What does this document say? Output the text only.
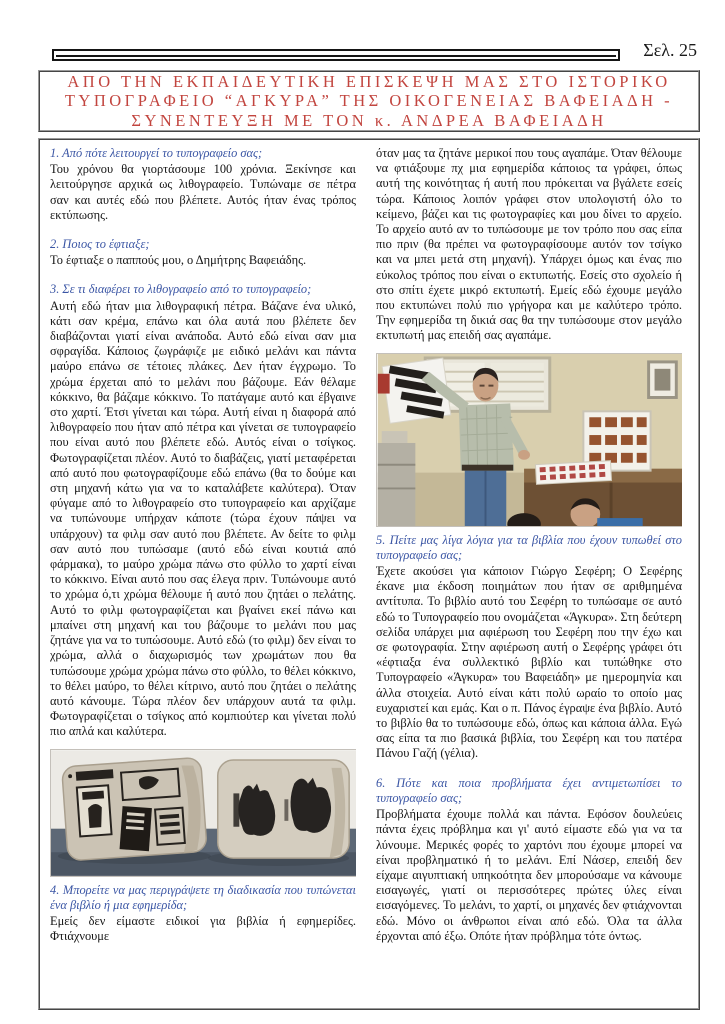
Σελ. 25
ΑΠΟ ΤΗΝ ΕΚΠΑΙΔΕΥΤΙΚΗ ΕΠΙΣΚΕΨΗ ΜΑΣ ΣΤΟ ΙΣΤΟΡΙΚΟ
ΤΥΠΟΓΡΑΦΕΙΟ “ΑΓΚΥΡΑ” ΤΗΣ ΟΙΚΟΓΕΝΕΙΑΣ ΒΑΦΕΙΑΔΗ -
ΣΥΝΕΝΤΕΥΞΗ ΜΕ ΤΟΝ κ. ΑΝΔΡΕΑ ΒΑΦΕΙΑΔΗ

1. Από πότε λειτουργεί το τυπογραφείο σας;

Του χρόνου θα γιορτάσουμε 100 χρόνια. Ξεκίνησε και λειτούργησε αρχικά ως λιθογραφείο. Τυπώναμε σε πέτρα σαν και αυτές εδώ που βλέπετε. Αυτός ήταν ένας τρόπος εκτύπωσης.

2. Ποιος το έφτιαξε;

Το έφτιαξε ο παππούς μου, ο Δημήτρης Βαφειάδης.

3. Σε τι διαφέρει το λιθογραφείο από το τυπογραφείο;

Αυτή εδώ ήταν μια λιθογραφική πέτρα. Βάζανε ένα υλικό, κάτι σαν κρέμα, επάνω και όλα αυτά που βλέπετε δεν διαβάζονται γιατί είναι ανάποδα. Αυτό εδώ είναι σαν μια σφραγίδα. Κάποιος ζωγράφιζε με ειδικό μελάνι και πάντα μαύρο επάνω σε τέτοιες πλάκες. Δεν ήταν έγχρωμο. Το χρώμα έρχεται από το μελάνι που βάζουμε. Εάν θέλαμε κόκκινο, θα βάζαμε κόκκινο. Το πατάγαμε αυτό και έβγαινε στο χαρτί. Έτσι γίνεται και τώρα. Αυτή είναι η διαφορά από λιθογραφείο που ήταν από πέτρα και γίνεται σε τυπογραφείο που είναι αυτό που βλέπετε εδώ. Αυτός είναι ο τσίγκος. Φωτογραφίζεται πλέον. Αυτό το διαβάζεις, γιατί μεταφέρεται από αυτό που φωτογραφίζουμε εδώ επάνω (θα το δούμε και στη μηχανή κάτω για να το καταλάβετε καλύτερα). Όταν φύγαμε από το λιθογραφείο στο τυπογραφείο και αρχίζαμε να τυπώνουμε υπήρχαν κάποτε (τώρα έχουν πάψει να υπάρχουν) τα φιλμ σαν αυτό που βλέπετε. Αν δείτε το φιλμ σαν αυτό που τυπώσαμε (αυτό εδώ είναι κουτιά από φάρμακα), το μαύρο χρώμα πάνω στο φύλλο το χαρτί είναι το κόκκινο. Είναι αυτό που σας έλεγα πριν. Τυπώνουμε αυτό το χρώμα ό,τι χρώμα θέλουμε ή αυτό που ζητάει ο πελάτης. Αυτό το φιλμ φωτογραφίζεται και βγαίνει εκεί πάνω και μπαίνει στη μηχανή και του βάζουμε το μελάνι που μας ζητάνε για να το τυπώσουμε. Αυτό εδώ (το φιλμ) δεν είναι το χρώμα, αλλά ο διαχωρισμός των χρωμάτων που θα τυπώσουμε χρώμα χρώμα πάνω στο φύλλο, το θέλει κόκκινο, το θέλει μαύρο, το θέλει κίτρινο, αυτό που ζητάει ο πελάτης αυτό κάνουμε. Τώρα πλέον δεν υπάρχουν αυτά τα φιλμ. Φωτογραφίζεται ο τσίγκος από κομπιούτερ και γίνεται πολύ πιο απλά και καλύτερα.

4. Μπορείτε να μας περιγράψετε τη διαδικασία που τυπώνεται ένα βιβλίο ή μια εφημερίδα;

Εμείς δεν είμαστε ειδικοί για βιβλία ή εφημερίδες. Φτιάχνουμε

όταν μας τα ζητάνε μερικοί που τους αγαπάμε. Όταν θέλουμε να φτιάξουμε πχ μια εφημερίδα κάποιος τα γράφει, όπως αυτή της κοινότητας ή αυτή που πρόκειται να βγάλετε εσείς τώρα. Κάποιος λοιπόν γράφει στον υπολογιστή όλο το κείμενο, βάζει και τις φωτογραφίες και μου δίνει το αρχείο. Το αρχείο αυτό αν το τυπώσουμε με τον τρόπο που σας είπα πιο πριν (θα πρέπει να φωτογραφίσουμε αυτόν τον τσίγκο και να μπει μετά στη μηχανή). Υπάρχει όμως και ένας πιο εύκολος τρόπος που είναι ο εκτυπωτής. Εσείς στο σχολείο ή στο σπίτι έχετε μικρό εκτυπωτή. Εμείς εδώ έχουμε μεγάλο που εκτυπώνει πολύ πιο γρήγορα και με καλύτερο τρόπο. Την εφημερίδα τη δικιά σας θα την τυπώσουμε στον μεγάλο εκτυπωτή μας επειδή σας αγαπάμε.

5. Πείτε μας λίγα λόγια για τα βιβλία που έχουν τυπωθεί στο τυπογραφείο σας;

Έχετε ακούσει για κάποιον Γιώργο Σεφέρη; Ο Σεφέρης έκανε μια έκδοση ποιημάτων που ήταν σε αριθμημένα αντίτυπα. Το βιβλίο αυτό του Σεφέρη το τυπώσαμε σε αυτό εδώ το Τυπογραφείο που ονομάζεται «Άγκυρα». Στη δεύτερη σελίδα υπάρχει μια αφιέρωση του Σεφέρη που την έχω και σε φωτογραφία. Στην αφιέρωση αυτή ο Σεφέρης γράφει ότι «έφτιαξα ένα συλλεκτικό βιβλίο και τυπώθηκε στο Τυπογραφείο «Άγκυρα» του Βαφειάδη» με ημερομηνία και άλλα στοιχεία. Αυτό είναι κάτι πολύ ωραίο το οποίο μας ευχαριστεί και εμάς. Και ο π. Πάνος έγραψε ένα βιβλίο. Αυτό το βιβλίο θα το τυπώσουμε εδώ, όπως και κάποια άλλα. Εγώ σας είπα τα πιο βασικά βιβλία, του Σεφέρη και του πατέρα Πάνου Γαζή (γέλια).

6. Πότε και ποια προβλήματα έχει αντιμετωπίσει το τυπογραφείο σας;

Προβλήματα έχουμε πολλά και πάντα. Εφόσον δουλεύεις πάντα έχεις πρόβλημα και γι' αυτό είμαστε εδώ για να τα λύνουμε. Μερικές φορές το χαρτόνι που έχουμε μπορεί να είναι προβληματικό ή το μελάνι. Επί Νάσερ, επειδή δεν είχαμε αιγυπτιακή υπηκοότητα δεν μπορούσαμε να κάνουμε εισαγωγές, γιατί οι περισσότερες πρώτες ύλες είναι εισαγόμενες. Το μελάνι, το χαρτί, οι μηχανές δεν φτιάχνονται εδώ. Μόνο οι άνθρωποι είναι από εδώ. Όλα τα άλλα έρχονται από έξω. Οπότε ήταν πρόβλημα τότε όντως.
